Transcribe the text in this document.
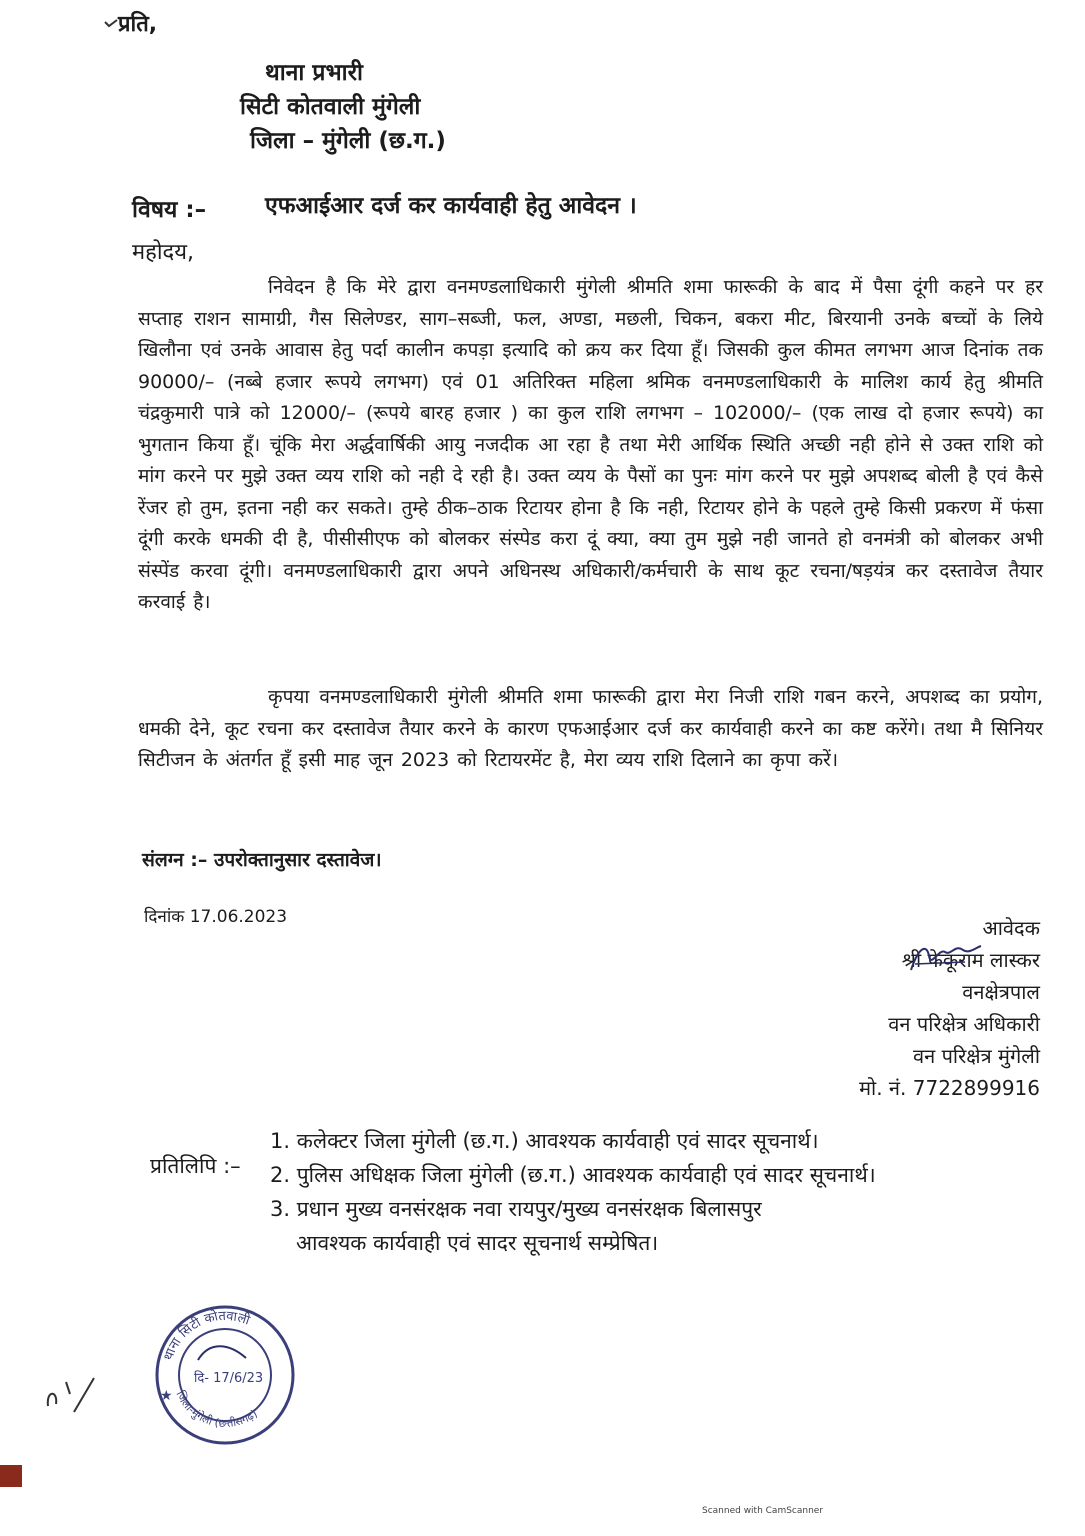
प्रति,
थाना प्रभारी
सिटी कोतवाली मुंगेली
जिला – मुंगेली (छ.ग.)
विषय :–	एफआईआर दर्ज कर कार्यवाही हेतु आवेदन ।
महोदय,
निवेदन है कि मेरे द्वारा वनमण्डलाधिकारी मुंगेली श्रीमति शमा फारूकी के बाद में पैसा दूंगी कहने पर हर सप्ताह राशन सामाग्री, गैस सिलेण्डर, साग–सब्जी, फल, अण्डा, मछली, चिकन, बकरा मीट, बिरयानी उनके बच्चों के लिये खिलौना एवं उनके आवास हेतु पर्दा कालीन कपड़ा इत्यादि को क्रय कर दिया हूँ। जिसकी कुल कीमत लगभग आज दिनांक तक 90000/– (नब्बे हजार रूपये लगभग) एवं 01 अतिरिक्त महिला श्रमिक वनमण्डलाधिकारी के मालिश कार्य हेतु श्रीमति चंद्रकुमारी पात्रे को 12000/– (रूपये बारह हजार ) का कुल राशि लगभग – 102000/– (एक लाख दो हजार रूपये) का भुगतान किया हूँ। चूंकि मेरा अर्द्धवार्षिकी आयु नजदीक आ रहा है तथा मेरी आर्थिक स्थिति अच्छी नही होने से उक्त राशि को मांग करने पर मुझे उक्त व्यय राशि को नही दे रही है। उक्त व्यय के पैसों का पुनः मांग करने पर मुझे अपशब्द बोली है एवं कैसे रेंजर हो तुम, इतना नही कर सकते। तुम्हे ठीक–ठाक रिटायर होना है कि नही, रिटायर होने के पहले तुम्हे किसी प्रकरण में फंसा दूंगी करके धमकी दी है, पीसीसीएफ को बोलकर संस्पेड करा दूं क्या, क्या तुम मुझे नही जानते हो वनमंत्री को बोलकर अभी संस्पेंड करवा दूंगी। वनमण्डलाधिकारी द्वारा अपने अधिनस्थ अधिकारी/कर्मचारी के साथ कूट रचना/षड़यंत्र कर दस्तावेज तैयार करवाई है।
कृपया वनमण्डलाधिकारी मुंगेली श्रीमति शमा फारूकी द्वारा मेरा निजी राशि गबन करने, अपशब्द का प्रयोग, धमकी देने, कूट रचना कर दस्तावेज तैयार करने के कारण एफआईआर दर्ज कर कार्यवाही करने का कष्ट करेंगे। तथा मै सिनियर सिटीजन के अंतर्गत हूँ इसी माह जून 2023 को रिटायरमेंट है, मेरा व्यय राशि दिलाने का कृपा करें।
संलग्न :– उपरोक्तानुसार दस्तावेज।
दिनांक 17.06.2023	आवेदक
श्री फेकूराम लास्कर
वनक्षेत्रपाल
वन परिक्षेत्र अधिकारी
वन परिक्षेत्र मुंगेली
मो. नं. 7722899916
प्रतिलिपि :–
1. कलेक्टर जिला मुंगेली (छ.ग.) आवश्यक कार्यवाही एवं सादर सूचनार्थ।
2. पुलिस अधिक्षक जिला मुंगेली (छ.ग.) आवश्यक कार्यवाही एवं सादर सूचनार्थ।
3. प्रधान मुख्य वनसंरक्षक नवा रायपुर/मुख्य वनसंरक्षक बिलासपुर
आवश्यक कार्यवाही एवं सादर सूचनार्थ सम्प्रेषित।
थाना सिटी कोतवाली
जिला-मुंगेली (छत्तीसगढ़)
दि- 17/6/23
★
Scanned with CamScanner
